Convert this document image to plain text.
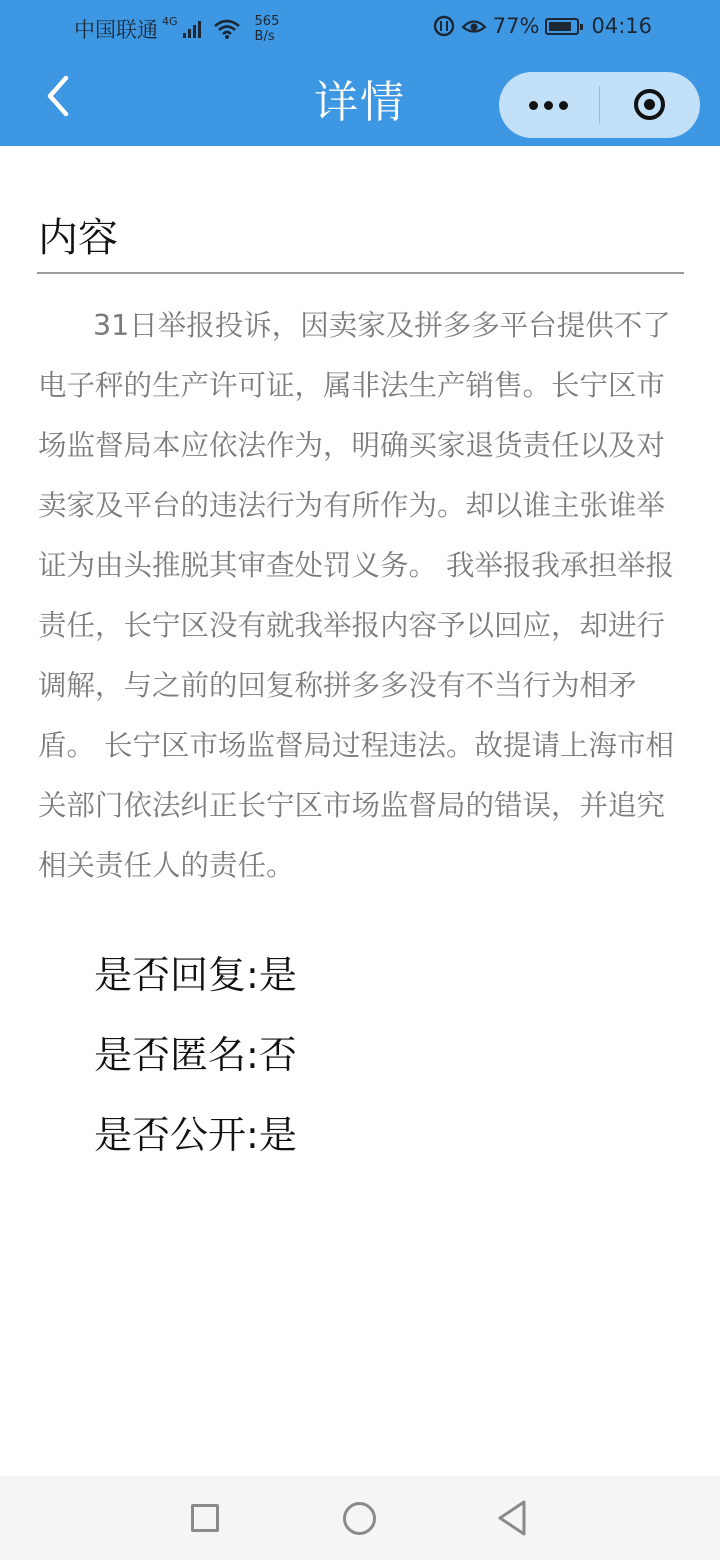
中国联通 4G	565
B/s	77% 04:16
详情
内容

31日举报投诉，因卖家及拼多多平台提供不了电子秤的生产许可证，属非法生产销售。长宁区市场监督局本应依法作为，明确买家退货责任以及对卖家及平台的违法行为有所作为。却以谁主张谁举证为由头推脱其审查处罚义务。 我举报我承担举报责任，长宁区没有就我举报内容予以回应，却进行调解，与之前的回复称拼多多没有不当行为相矛盾。 长宁区市场监督局过程违法。故提请上海市相关部门依法纠正长宁区市场监督局的错误，并追究相关责任人的责任。

是否回复:是
是否匿名:否
是否公开:是
